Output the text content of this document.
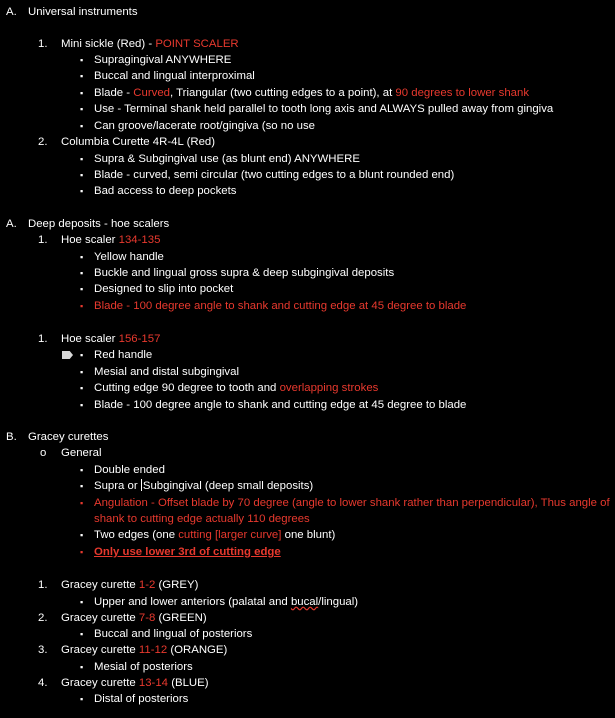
A. Universal instruments
1. Mini sickle (Red) - POINT SCALER
▪ Supragingival ANYWHERE
▪ Buccal and lingual interproximal
▪ Blade - Curved, Triangular (two cutting edges to a point), at 90 degrees to lower shank
▪ Use - Terminal shank held parallel to tooth long axis and ALWAYS pulled away from gingiva
▪ Can groove/lacerate root/gingiva (so no use
2. Columbia Curette 4R-4L (Red)
▪ Supra & Subgingival use (as blunt end) ANYWHERE
▪ Blade - curved, semi circular (two cutting edges to a blunt rounded end)
▪ Bad access to deep pockets
A. Deep deposits - hoe scalers
1. Hoe scaler 134-135
▪ Yellow handle
▪ Buckle and lingual gross supra & deep subgingival deposits
▪ Designed to slip into pocket
▪ Blade - 100 degree angle to shank and cutting edge at 45 degree to blade
1. Hoe scaler 156-157
▪ Red handle
▪ Mesial and distal subgingival
▪ Cutting edge 90 degree to tooth and overlapping strokes
▪ Blade - 100 degree angle to shank and cutting edge at 45 degree to blade
B. Gracey curettes
o General
▪ Double ended
▪ Supra or Subgingival (deep small deposits)
▪ Angulation - Offset blade by 70 degree (angle to lower shank rather than perpendicular), Thus angle of shank to cutting edge actually 110 degrees
▪ Two edges (one cutting [larger curve] one blunt)
▪ Only use lower 3rd of cutting edge
1. Gracey curette 1-2 (GREY)
▪ Upper and lower anteriors (palatal and bucal/lingual)
2. Gracey curette 7-8 (GREEN)
▪ Buccal and lingual of posteriors
3. Gracey curette 11-12 (ORANGE)
▪ Mesial of posteriors
4. Gracey curette 13-14 (BLUE)
▪ Distal of posteriors
